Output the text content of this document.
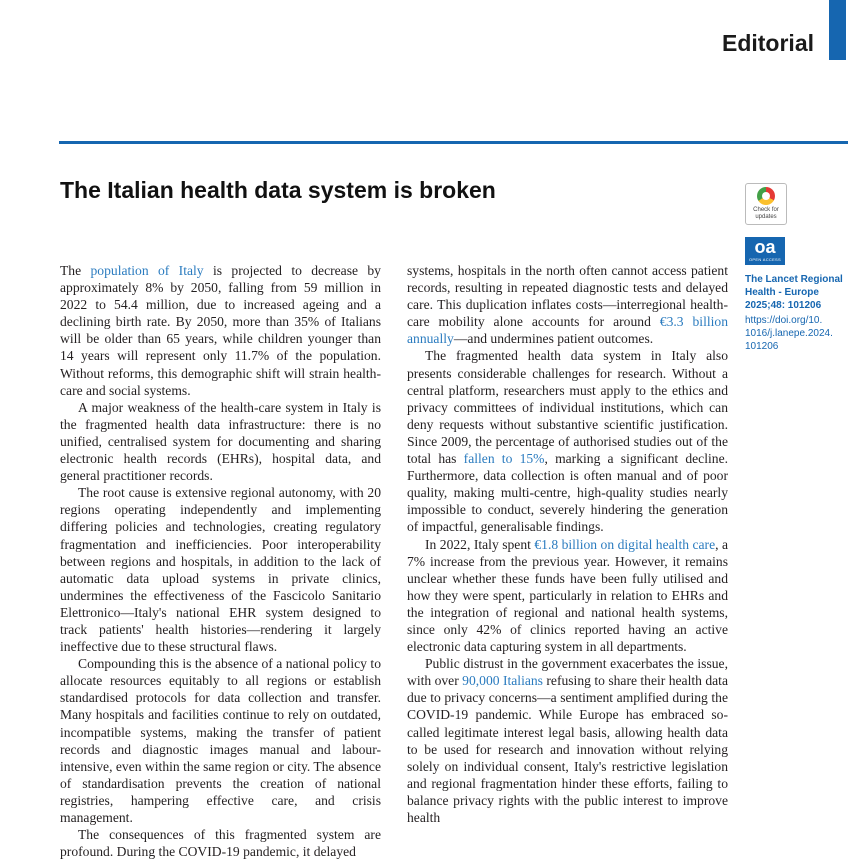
Editorial
The Italian health data system is broken

The population of Italy is projected to decrease by approximately 8% by 2050, falling from 59 million in 2022 to 54.4 million, due to increased ageing and a declining birth rate. By 2050, more than 35% of Italians will be older than 65 years, while children younger than 14 years will represent only 11.7% of the population. Without reforms, this demographic shift will strain health-care and social systems.

A major weakness of the health-care system in Italy is the fragmented health data infrastructure: there is no unified, centralised system for documenting and sharing electronic health records (EHRs), hospital data, and general practitioner records.

The root cause is extensive regional autonomy, with 20 regions operating independently and implementing differing policies and technologies, creating regulatory fragmentation and inefficiencies. Poor interoperability between regions and hospitals, in addition to the lack of automatic data upload systems in private clinics, undermines the effectiveness of the Fascicolo Sanitario Elettronico—Italy's national EHR system designed to track patients' health histories—rendering it largely ineffective due to these structural flaws.

Compounding this is the absence of a national policy to allocate resources equitably to all regions or establish standardised protocols for data collection and transfer. Many hospitals and facilities continue to rely on outdated, incompatible systems, making the transfer of patient records and diagnostic images manual and labour-intensive, even within the same region or city. The absence of standardisation prevents the creation of national registries, hampering effective care, and crisis management.

The consequences of this fragmented system are profound. During the COVID-19 pandemic, it delayed

systems, hospitals in the north often cannot access patient records, resulting in repeated diagnostic tests and delayed care. This duplication inflates costs—interregional health-care mobility alone accounts for around €3.3 billion annually—and undermines patient outcomes.

The fragmented health data system in Italy also presents considerable challenges for research. Without a central platform, researchers must apply to the ethics and privacy committees of individual institutions, which can deny requests without substantive scientific justification. Since 2009, the percentage of authorised studies out of the total has fallen to 15%, marking a significant decline. Furthermore, data collection is often manual and of poor quality, making multi-centre, high-quality studies nearly impossible to conduct, severely hindering the generation of impactful, generalisable findings.

In 2022, Italy spent €1.8 billion on digital health care, a 7% increase from the previous year. However, it remains unclear whether these funds have been fully utilised and how they were spent, particularly in relation to EHRs and the integration of regional and national health systems, since only 42% of clinics reported having an active electronic data capturing system in all departments.

Public distrust in the government exacerbates the issue, with over 90,000 Italians refusing to share their health data due to privacy concerns—a sentiment amplified during the COVID-19 pandemic. While Europe has embraced so-called legitimate interest legal basis, allowing health data to be used for research and innovation without relying solely on individual consent, Italy's restrictive legislation and regional fragmentation hinder these efforts, failing to balance privacy rights with the public interest to improve health

Check for updates
oa
OPEN ACCESS
The Lancet Regional
Health - Europe
2025;48: 101206
https://doi.org/10.
1016/j.lanepe.2024.
101206
